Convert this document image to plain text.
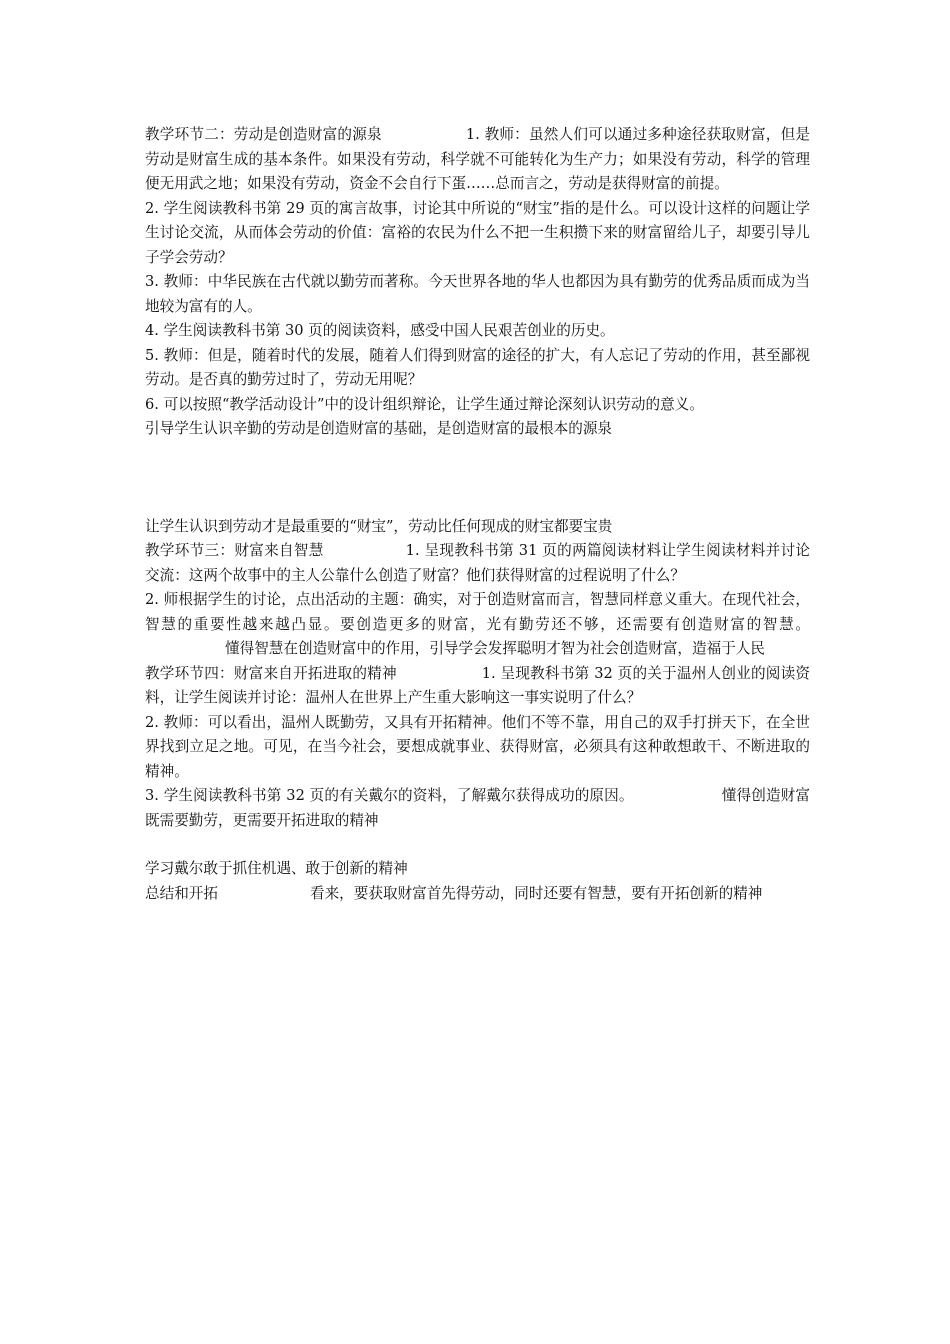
教学环节二：劳动是创造财富的源泉	1. 教师：虽然人们可以通过多种途径获取财富，但是劳动是财富生成的基本条件。如果没有劳动，科学就不可能转化为生产力；如果没有劳动，科学的管理便无用武之地；如果没有劳动，资金不会自行下蛋……总而言之，劳动是获得财富的前提。

2. 学生阅读教科书第 29 页的寓言故事，讨论其中所说的“财宝”指的是什么。可以设计这样的问题让学生讨论交流，从而体会劳动的价值：富裕的农民为什么不把一生积攒下来的财富留给儿子，却要引导儿子学会劳动？

3. 教师：中华民族在古代就以勤劳而著称。今天世界各地的华人也都因为具有勤劳的优秀品质而成为当地较为富有的人。

4. 学生阅读教科书第 30 页的阅读资料，感受中国人民艰苦创业的历史。

5. 教师：但是，随着时代的发展，随着人们得到财富的途径的扩大，有人忘记了劳动的作用，甚至鄙视劳动。是否真的勤劳过时了，劳动无用呢？

6. 可以按照“教学活动设计”中的设计组织辩论，让学生通过辩论深刻认识劳动的意义。

引导学生认识辛勤的劳动是创造财富的基础，是创造财富的最根本的源泉

让学生认识到劳动才是最重要的“财宝”，劳动比任何现成的财宝都要宝贵

教学环节三：财富来自智慧	1. 呈现教科书第 31 页的两篇阅读材料让学生阅读材料并讨论交流：这两个故事中的主人公靠什么创造了财富？他们获得财富的过程说明了什么？

2. 师根据学生的讨论，点出活动的主题：确实，对于创造财富而言，智慧同样意义重大。在现代社会，智慧的重要性越来越凸显。要创造更多的财富，光有勤劳还不够，还需要有创造财富的智慧。懂得智慧在创造财富中的作用，引导学会发挥聪明才智为社会创造财富，造福于人民

教学环节四：财富来自开拓进取的精神	1. 呈现教科书第 32 页的关于温州人创业的阅读资料，让学生阅读并讨论：温州人在世界上产生重大影响这一事实说明了什么？

2. 教师：可以看出，温州人既勤劳，又具有开拓精神。他们不等不靠，用自己的双手打拼天下，在全世界找到立足之地。可见，在当今社会，要想成就事业、获得财富，必须具有这种敢想敢干、不断进取的精神。

3. 学生阅读教科书第 32 页的有关戴尔的资料，了解戴尔获得成功的原因。	懂得创造财富既需要勤劳，更需要开拓进取的精神

学习戴尔敢于抓住机遇、敢于创新的精神

总结和开拓	看来，要获取财富首先得劳动，同时还要有智慧，要有开拓创新的精神
